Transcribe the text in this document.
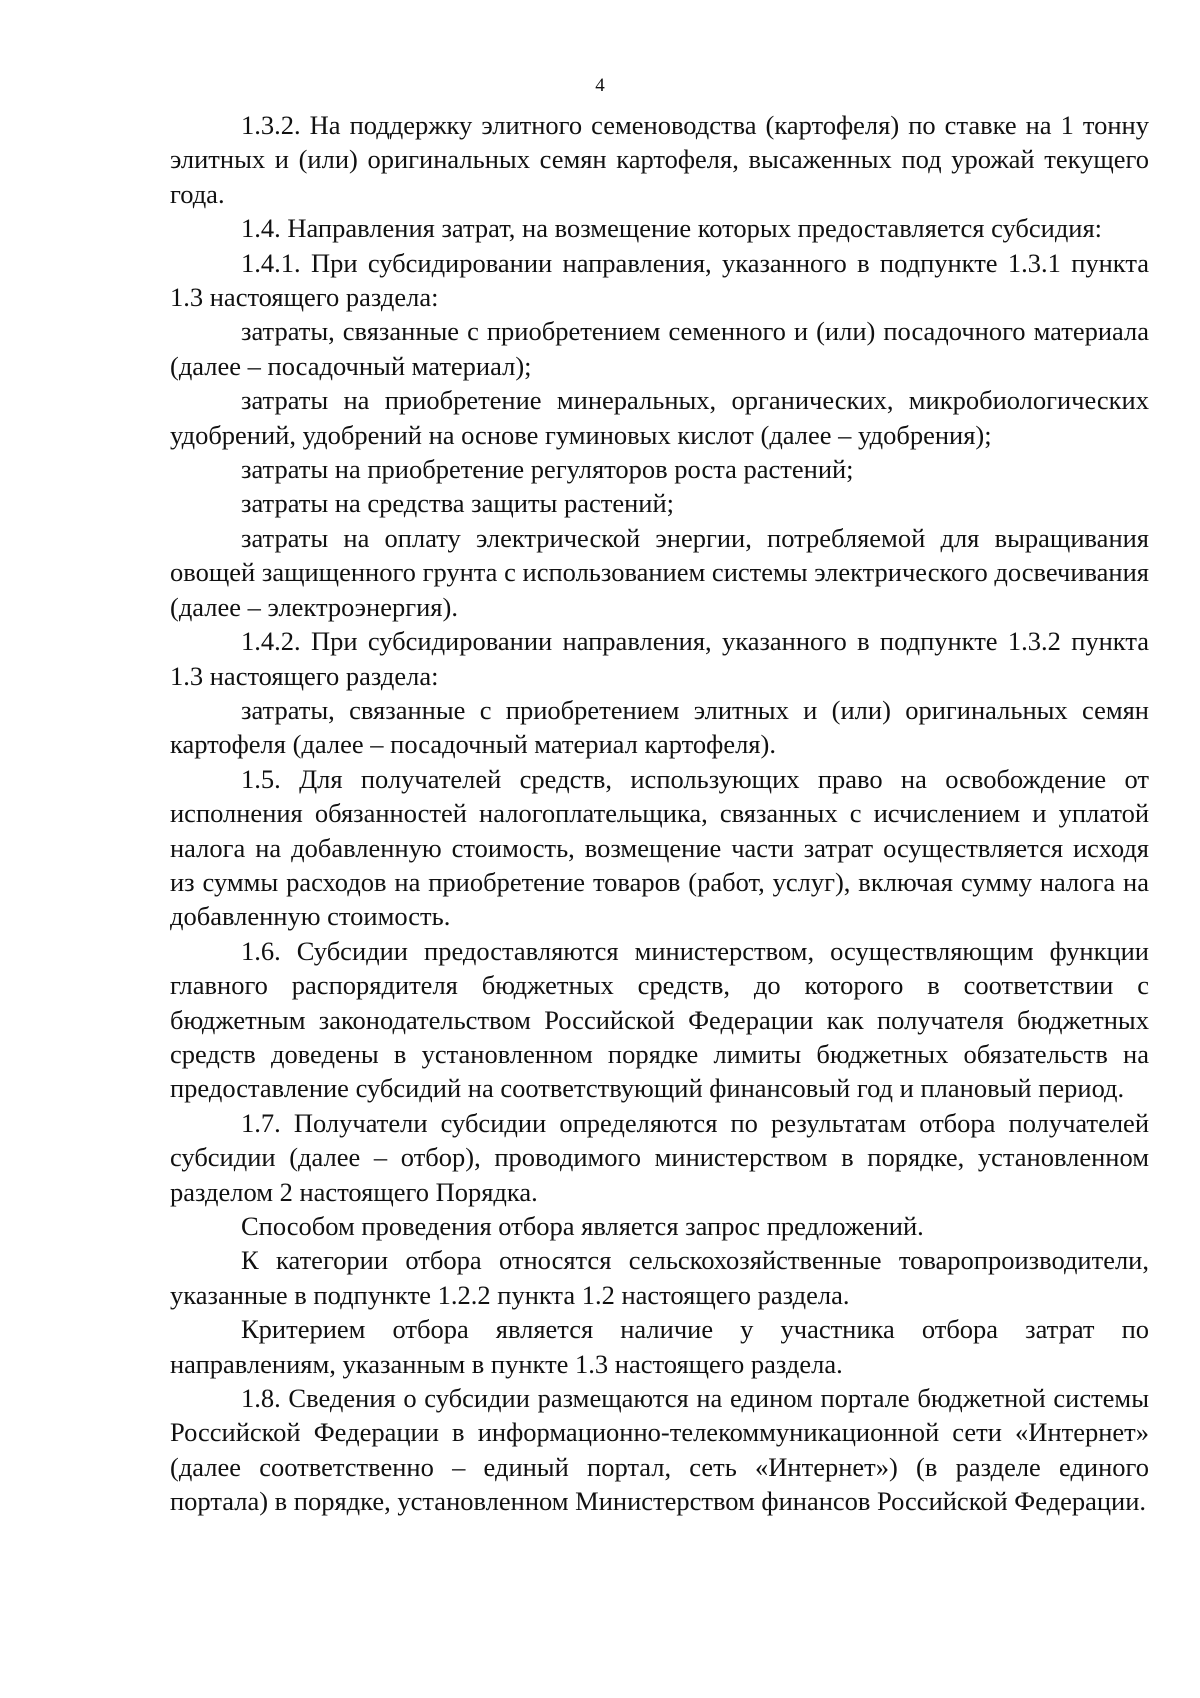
4

1.3.2. На поддержку элитного семеноводства (картофеля) по ставке на 1 тонну элитных и (или) оригинальных семян картофеля, высаженных под урожай текущего года.

1.4. Направления затрат, на возмещение которых предоставляется субсидия:

1.4.1. При субсидировании направления, указанного в подпункте 1.3.1 пункта 1.3 настоящего раздела:

затраты, связанные с приобретением семенного и (или) посадочного материала (далее – посадочный материал);

затраты на приобретение минеральных, органических, микробиологических удобрений, удобрений на основе гуминовых кислот (далее – удобрения);

затраты на приобретение регуляторов роста растений;

затраты на средства защиты растений;

затраты на оплату электрической энергии, потребляемой для выращивания овощей защищенного грунта с использованием системы электрического досвечивания (далее – электроэнергия).

1.4.2. При субсидировании направления, указанного в подпункте 1.3.2 пункта 1.3 настоящего раздела:

затраты, связанные с приобретением элитных и (или) оригинальных семян картофеля (далее – посадочный материал картофеля).

1.5. Для получателей средств, использующих право на освобождение от исполнения обязанностей налогоплательщика, связанных с исчислением и уплатой налога на добавленную стоимость, возмещение части затрат осуществляется исходя из суммы расходов на приобретение товаров (работ, услуг), включая сумму налога на добавленную стоимость.

1.6. Субсидии предоставляются министерством, осуществляющим функции главного распорядителя бюджетных средств, до которого в соответствии с бюджетным законодательством Российской Федерации как получателя бюджетных средств доведены в установленном порядке лимиты бюджетных обязательств на предоставление субсидий на соответствующий финансовый год и плановый период.

1.7. Получатели субсидии определяются по результатам отбора получателей субсидии (далее – отбор), проводимого министерством в порядке, установленном разделом 2 настоящего Порядка.

Способом проведения отбора является запрос предложений.

К категории отбора относятся сельскохозяйственные товаропроизводители, указанные в подпункте 1.2.2 пункта 1.2 настоящего раздела.

Критерием отбора является наличие у участника отбора затрат по направлениям, указанным в пункте 1.3 настоящего раздела.

1.8. Сведения о субсидии размещаются на едином портале бюджетной системы Российской Федерации в информационно-телекоммуникационной сети «Интернет» (далее соответственно – единый портал, сеть «Интернет») (в разделе единого портала) в порядке, установленном Министерством финансов Российской Федерации.
